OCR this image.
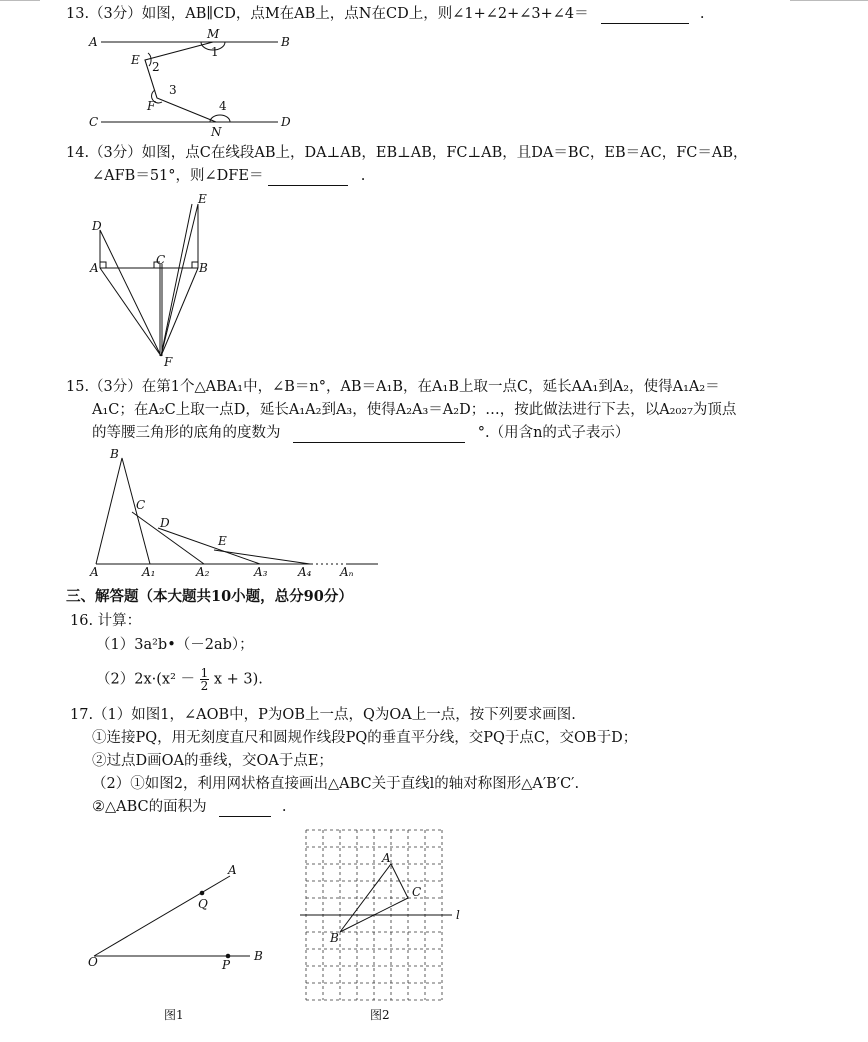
13.（3分）如图，AB∥CD，点M在AB上，点N在CD上，则∠1+∠2+∠3+∠4＝	.
A	B
C	D
M
N
E
F
1
2
3
4
14.（3分）如图，点C在线段AB上，DA⊥AB，EB⊥AB，FC⊥AB，且DA＝BC，EB＝AC，FC＝AB，
∠AFB＝51°，则∠DFE＝	.
D
A
C
B
E
F
15.（3分）在第1个△ABA₁中，∠B＝n°，AB＝A₁B，在A₁B上取一点C，延长AA₁到A₂，使得A₁A₂＝
A₁C；在A₂C上取一点D，延长A₁A₂到A₃，使得A₂A₃＝A₂D；…，按此做法进行下去，以A₂₀₂₇为顶点
的等腰三角形的底角的度数为	°.（用含n的式子表示）
B
C
D
E
A	A₁	A₂	A₃	A₄ Aₙ
三、解答题（本大题共10小题，总分90分）
16. 计算：
（1）3a²b•（－2ab）；
$(2)2x\cdot(x^2 - \frac{1}{2}$ x + 3).
17.（1）如图1，∠AOB中，P为OB上一点，Q为OA上一点，按下列要求画图.
①连接PQ，用无刻度直尺和圆规作线段PQ的垂直平分线，交PQ于点C，交OB于D；
②过点D画OA的垂线，交OA于点E；
（2）①如图2，利用网状格直接画出△ABC关于直线l的轴对称图形△A′B′C′.
②△ABC的面积为	.
A
B
O	P
Q
图1
A
C
B
l
图2
